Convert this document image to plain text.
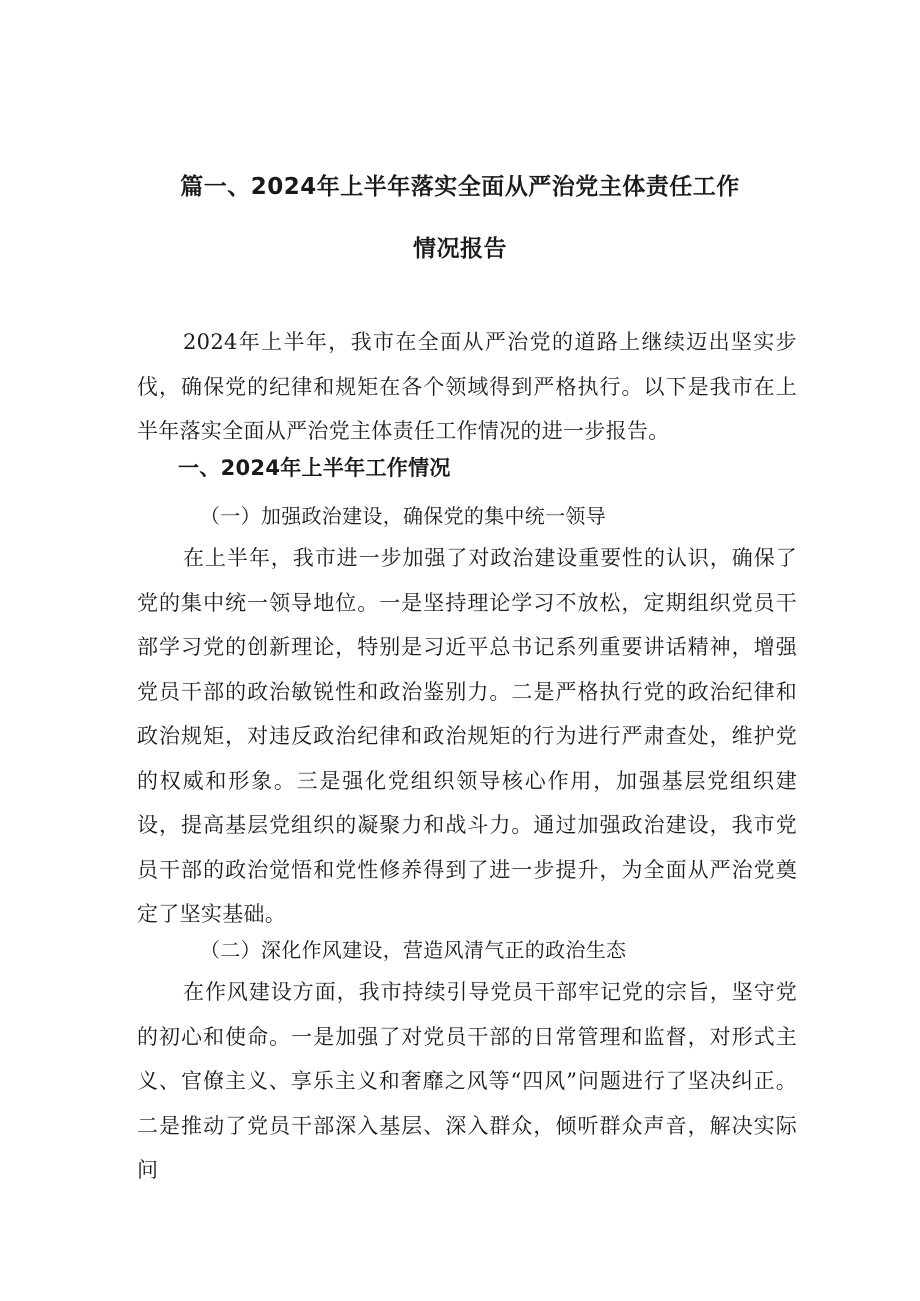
篇一、2024年上半年落实全面从严治党主体责任工作
情况报告

2024年上半年，我市在全面从严治党的道路上继续迈出坚实步伐，确保党的纪律和规矩在各个领域得到严格执行。以下是我市在上半年落实全面从严治党主体责任工作情况的进一步报告。

一、2024年上半年工作情况
（一）加强政治建设，确保党的集中统一领导

在上半年，我市进一步加强了对政治建设重要性的认识，确保了党的集中统一领导地位。一是坚持理论学习不放松，定期组织党员干部学习党的创新理论，特别是习近平总书记系列重要讲话精神，增强党员干部的政治敏锐性和政治鉴别力。二是严格执行党的政治纪律和政治规矩，对违反政治纪律和政治规矩的行为进行严肃查处，维护党的权威和形象。三是强化党组织领导核心作用，加强基层党组织建设，提高基层党组织的凝聚力和战斗力。通过加强政治建设，我市党员干部的政治觉悟和党性修养得到了进一步提升，为全面从严治党奠定了坚实基础。

（二）深化作风建设，营造风清气正的政治生态

在作风建设方面，我市持续引导党员干部牢记党的宗旨，坚守党的初心和使命。一是加强了对党员干部的日常管理和监督，对形式主义、官僚主义、享乐主义和奢靡之风等“四风”问题进行了坚决纠正。二是推动了党员干部深入基层、深入群众，倾听群众声音，解决实际问
